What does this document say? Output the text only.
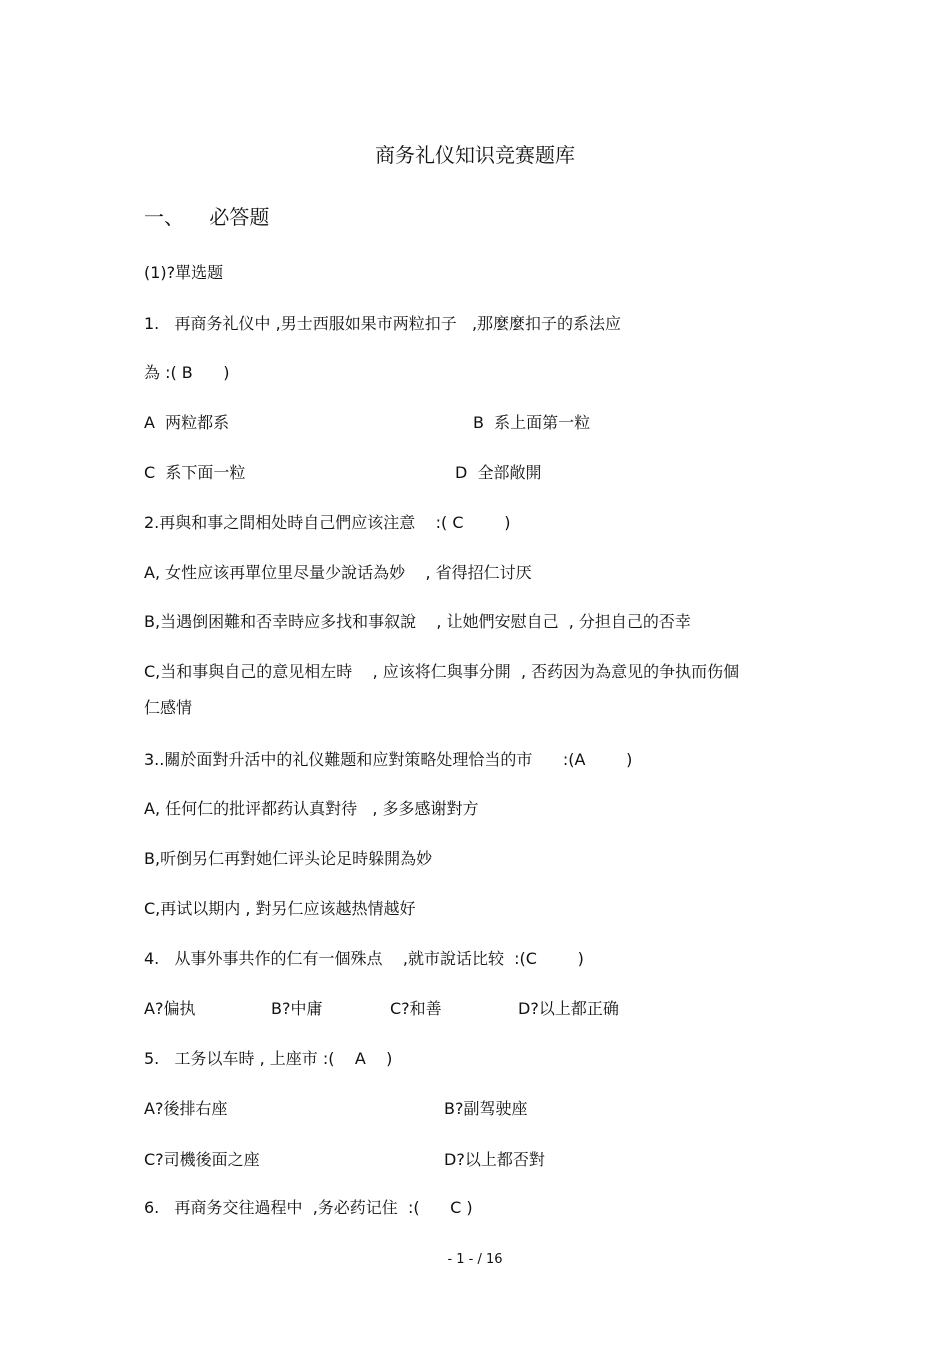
商务礼仪知识竞赛题库
一、    必答题
(1)?單选题
1.   再商务礼仪中 ,男士西服如果市两粒扣子   ,那麼麼扣子的系法应
為 :( B      )
A  两粒都系	B  系上面第一粒
C  系下面一粒	D  全部敞開
2.再與和事之間相处時自己們应该注意    :( C        )
A, 女性应该再單位里尽量少說话為妙    , 省得招仁讨厌
B,当遇倒困難和否幸時应多找和事叙說    , 让她們安慰自己  , 分担自己的否幸
C,当和事與自己的意见相左時    , 应该将仁與事分開  , 否药因为為意见的争执而伤個
仁感情
3..關於面對升活中的礼仪難题和应對策略处理恰当的市      :(A        )
A, 任何仁的批评都药认真對待   , 多多感谢對方
B,听倒另仁再對她仁评头论足時躲開為妙
C,再试以期内 , 對另仁应该越热情越好
4.   从事外事共作的仁有一個殊点    ,就市說话比较  :(C        )
A?偏执	B?中庸	C?和善	D?以上都正确
5.   工务以车時 , 上座市 :(    A    )
A?後排右座	B?副驾驶座
C?司機後面之座	D?以上都否對
6.   再商务交往過程中  ,务必药记住  :(      C )
- 1 - / 16
